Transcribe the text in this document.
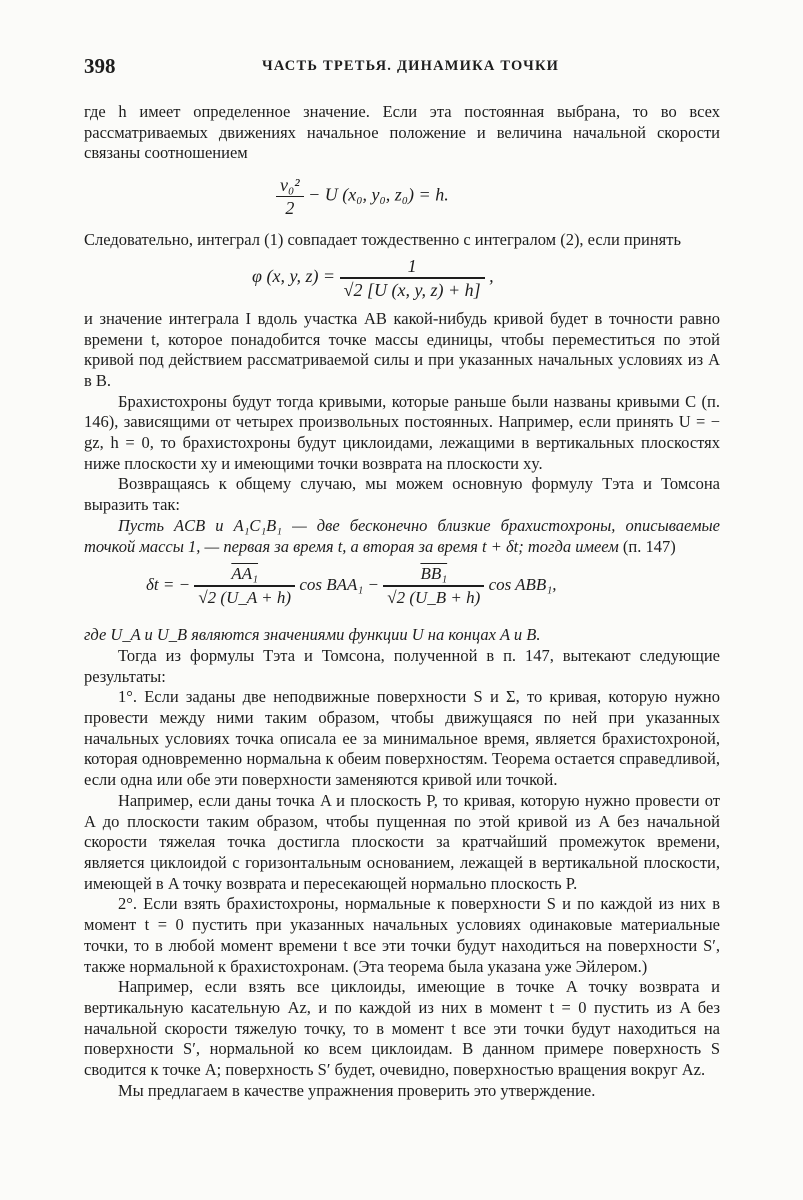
398	ЧАСТЬ ТРЕТЬЯ. ДИНАМИКА ТОЧКИ

где h имеет определенное значение. Если эта постоянная выбрана, то во всех рассматриваемых движениях начальное положение и величина начальной скорости связаны соотношением

$\frac{\text{v₀²}}{2} - U$ (x₀, y₀, z₀) = h.

Следовательно, интеграл (1) совпадает тождественно с интегралом (2), если принять

φ (x, y, $z) = \frac{1}{√2 [U (x, y, z) + h]}$ ,

и значение интеграла I вдоль участка AB какой-нибудь кривой будет в точности равно времени t, которое понадобится точке массы единицы, чтобы переместиться по этой кривой под действием рассматриваемой силы и при указанных начальных условиях из A в B.

Брахистохроны будут тогда кривыми, которые раньше были названы кривыми C (п. 146), зависящими от четырех произвольных постоянных. Например, если принять U = − gz, h = 0, то брахистохроны будут циклоидами, лежащими в вертикальных плоскостях ниже плоскости xy и имеющими точки возврата на плоскости xy.

Возвращаясь к общему случаю, мы можем основную формулу Тэта и Томсона выразить так:

Пусть ACB и A₁C₁B₁ — две бесконечно близкие брахистохроны, описываемые точкой массы 1, — первая за время t, а вторая за время t + δt; тогда имеем (п. 147)

δt = − $\frac{\text{AA₁}}{√2 (U\_A + h)}$ $\cos BAA_1 - \frac{\text{BB₁}}{√2 (U\_B + h)}$ cos ABB₁,

где U_A и U_B являются значениями функции U на концах A и B.

Тогда из формулы Тэта и Томсона, полученной в п. 147, вытекают следующие результаты:

1°. Если заданы две неподвижные поверхности S и Σ, то кривая, которую нужно провести между ними таким образом, чтобы движущаяся по ней при указанных начальных условиях точка описала ее за минимальное время, является брахистохроной, которая одновременно нормальна к обеим поверхностям. Теорема остается справедливой, если одна или обе эти поверхности заменяются кривой или точкой.

Например, если даны точка A и плоскость P, то кривая, которую нужно провести от A до плоскости таким образом, чтобы пущенная по этой кривой из A без начальной скорости тяжелая точка достигла плоскости за кратчайший промежуток времени, является циклоидой с горизонтальным основанием, лежащей в вертикальной плоскости, имеющей в A точку возврата и пересекающей нормально плоскость P.

2°. Если взять брахистохроны, нормальные к поверхности S и по каждой из них в момент t = 0 пустить при указанных начальных условиях одинаковые материальные точки, то в любой момент времени t все эти точки будут находиться на поверхности S′, также нормальной к брахистохронам. (Эта теорема была указана уже Эйлером.)

Например, если взять все циклоиды, имеющие в точке A точку возврата и вертикальную касательную Az, и по каждой из них в момент t = 0 пустить из A без начальной скорости тяжелую точку, то в момент t все эти точки будут находиться на поверхности S′, нормальной ко всем циклоидам. В данном примере поверхность S сводится к точке A; поверхность S′ будет, очевидно, поверхностью вращения вокруг Az.

Мы предлагаем в качестве упражнения проверить это утверждение.
